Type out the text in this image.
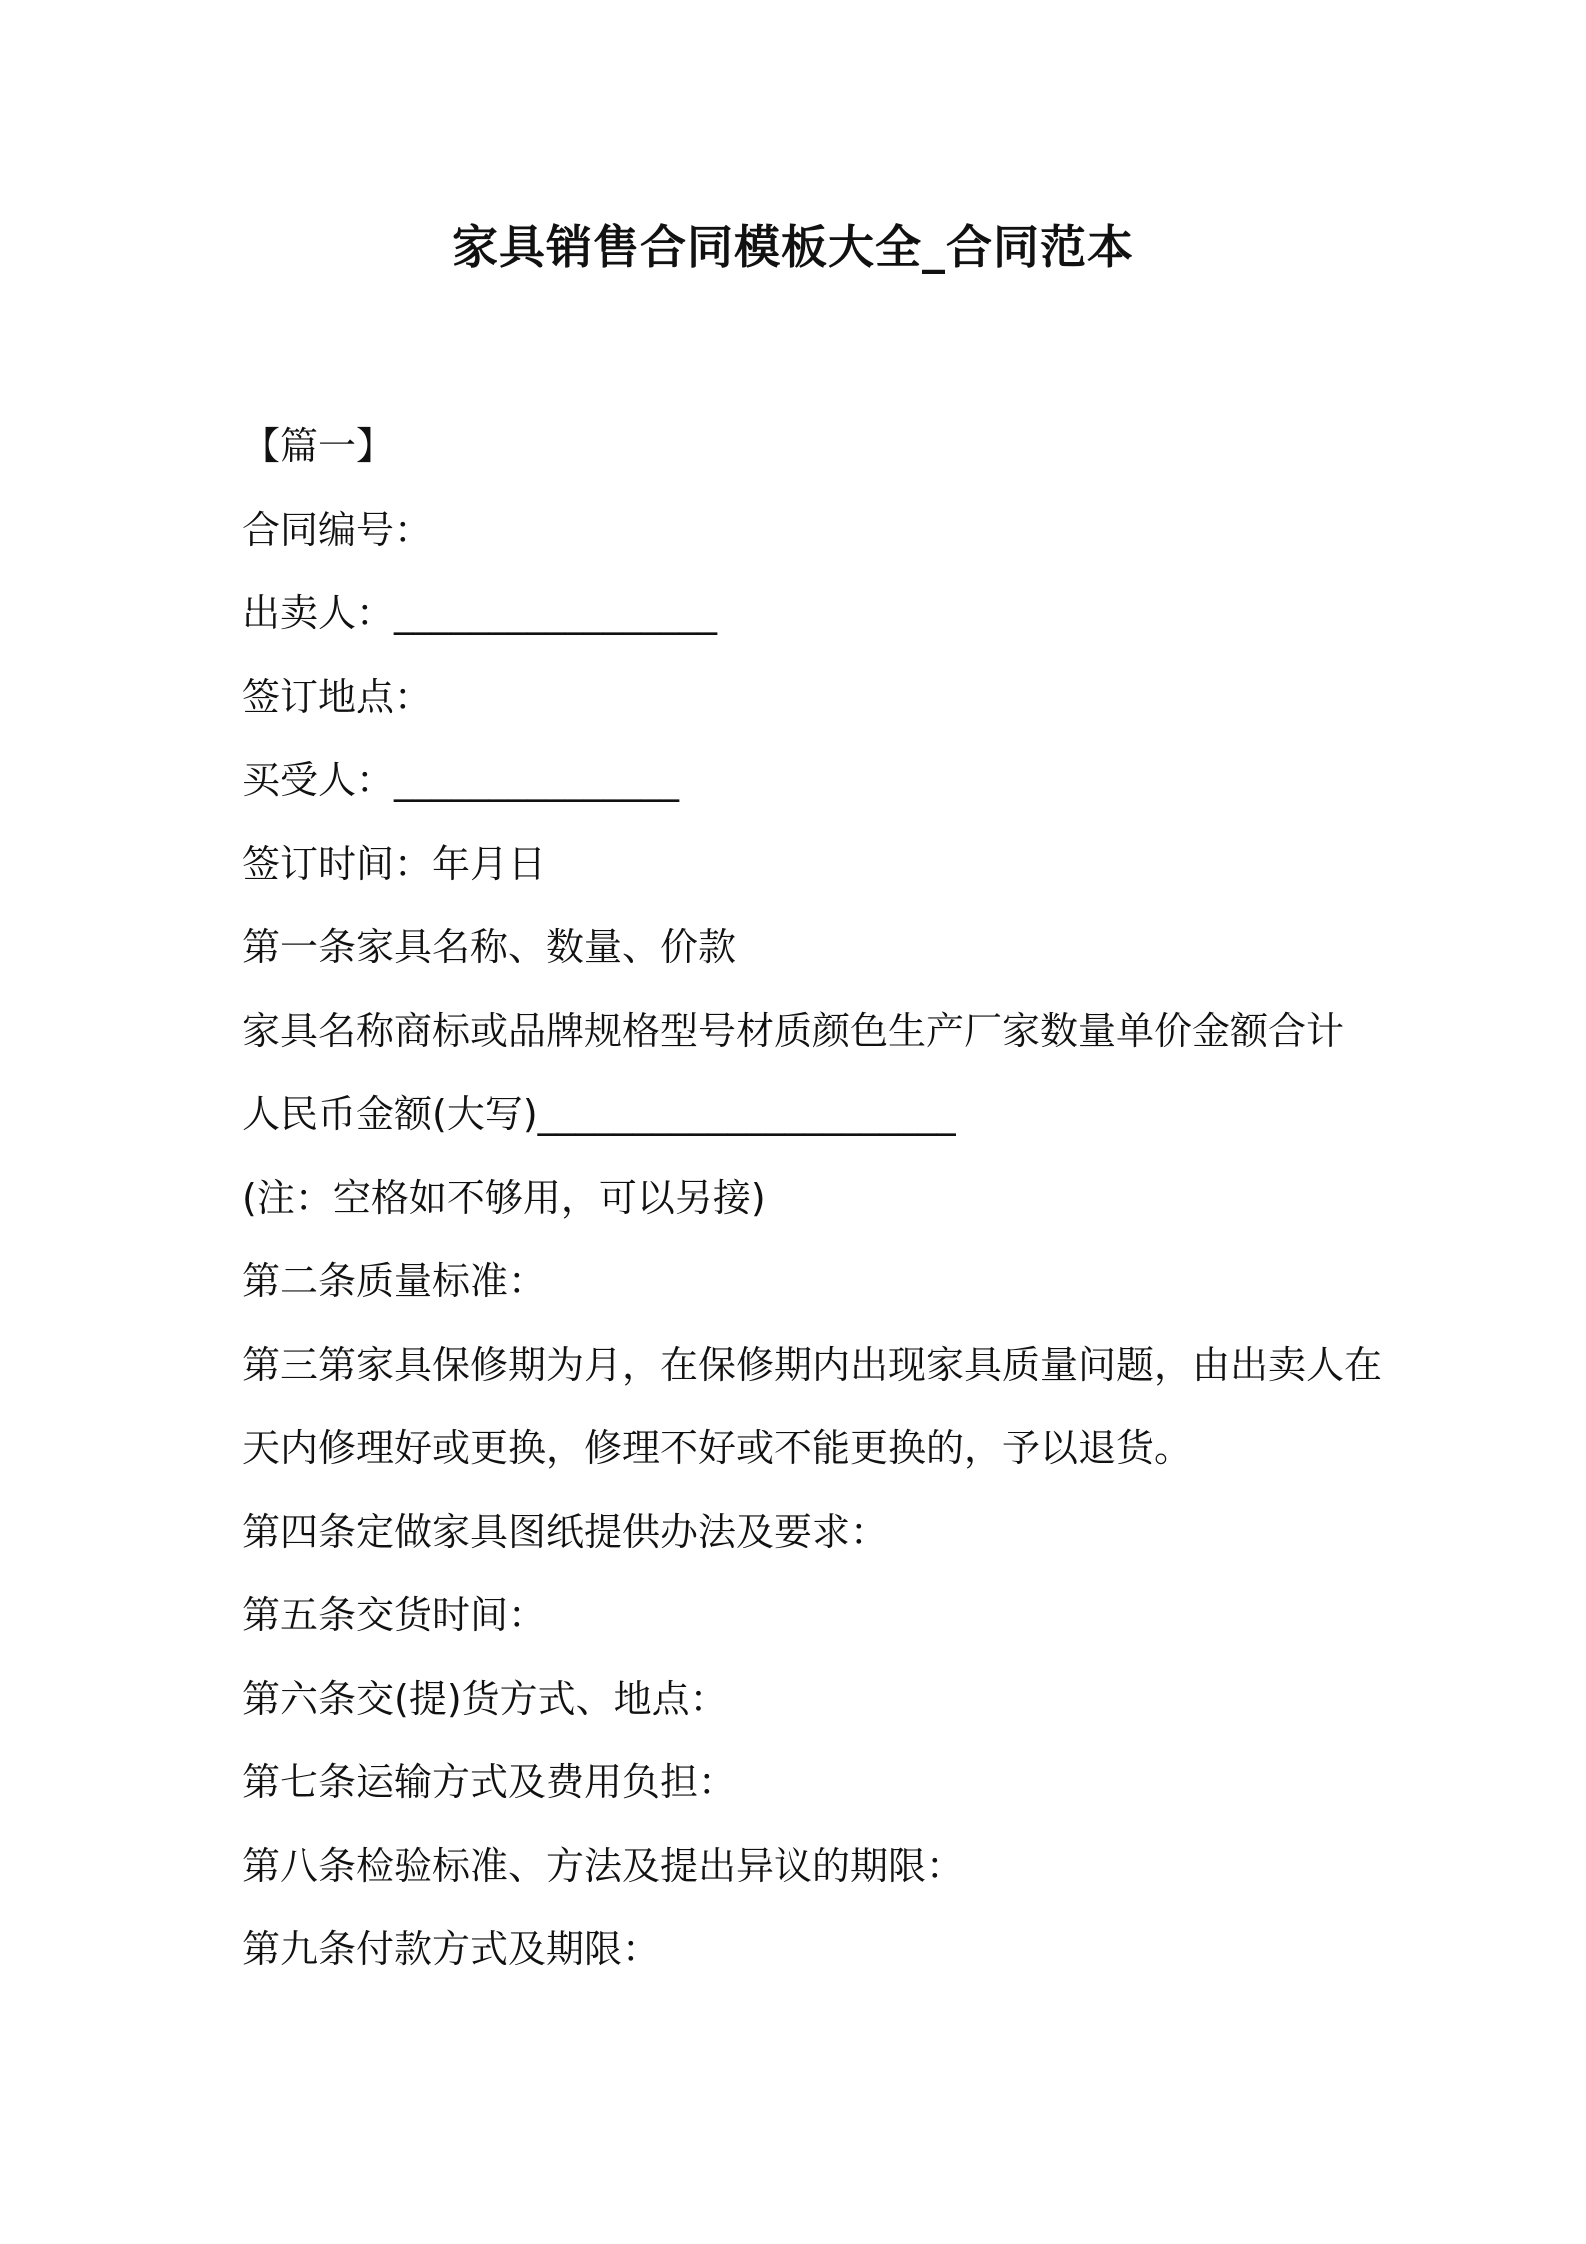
家具销售合同模板大全_合同范本

【篇一】

合同编号：

出卖人：_________________

签订地点：

买受人：_______________

签订时间：年月日

第一条家具名称、数量、价款

家具名称商标或品牌规格型号材质颜色生产厂家数量单价金额合计

人民币金额(大写)______________________

(注：空格如不够用，可以另接)

第二条质量标准：

第三第家具保修期为月，在保修期内出现家具质量问题，由出卖人在

天内修理好或更换，修理不好或不能更换的，予以退货。

第四条定做家具图纸提供办法及要求：

第五条交货时间：

第六条交(提)货方式、地点：

第七条运输方式及费用负担：

第八条检验标准、方法及提出异议的期限：

第九条付款方式及期限：
